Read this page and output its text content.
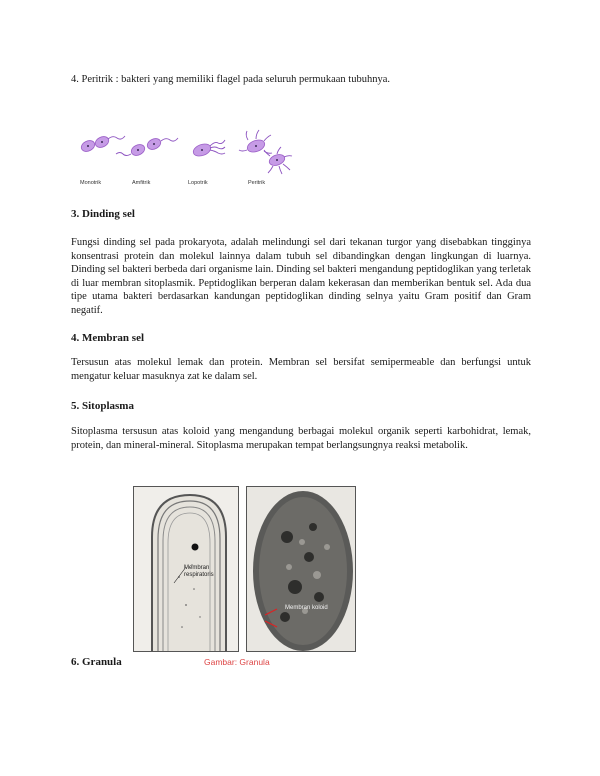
4. Peritrik : bakteri yang memiliki flagel pada seluruh permukaan tubuhnya.
Monotrik	Amfitrik	Lopotrik	Peritrik
3. Dinding sel
Fungsi dinding sel pada prokaryota, adalah melindungi sel dari tekanan turgor yang disebabkan tingginya konsentrasi protein dan molekul lainnya dalam tubuh sel dibandingkan dengan lingkungan di luarnya. Dinding sel bakteri berbeda dari organisme lain. Dinding sel bakteri mengandung peptidoglikan yang terletak di luar membran sitoplasmik. Peptidoglikan berperan dalam kekerasan dan memberikan bentuk sel. Ada dua tipe utama bakteri berdasarkan kandungan peptidoglikan dinding selnya yaitu Gram positif dan Gram negatif.
4. Membran sel
Tersusun atas molekul lemak dan protein. Membran sel bersifat semipermeable dan berfungsi untuk mengatur keluar masuknya zat ke dalam sel.
5. Sitoplasma
Sitoplasma tersusun atas koloid yang mengandung berbagai molekul organik seperti karbohidrat, lemak, protein, dan mineral-mineral. Sitoplasma merupakan tempat berlangsungnya reaksi metabolik.
Membran respiratoris
Membran koloid
6. Granula	Gambar: Granula
